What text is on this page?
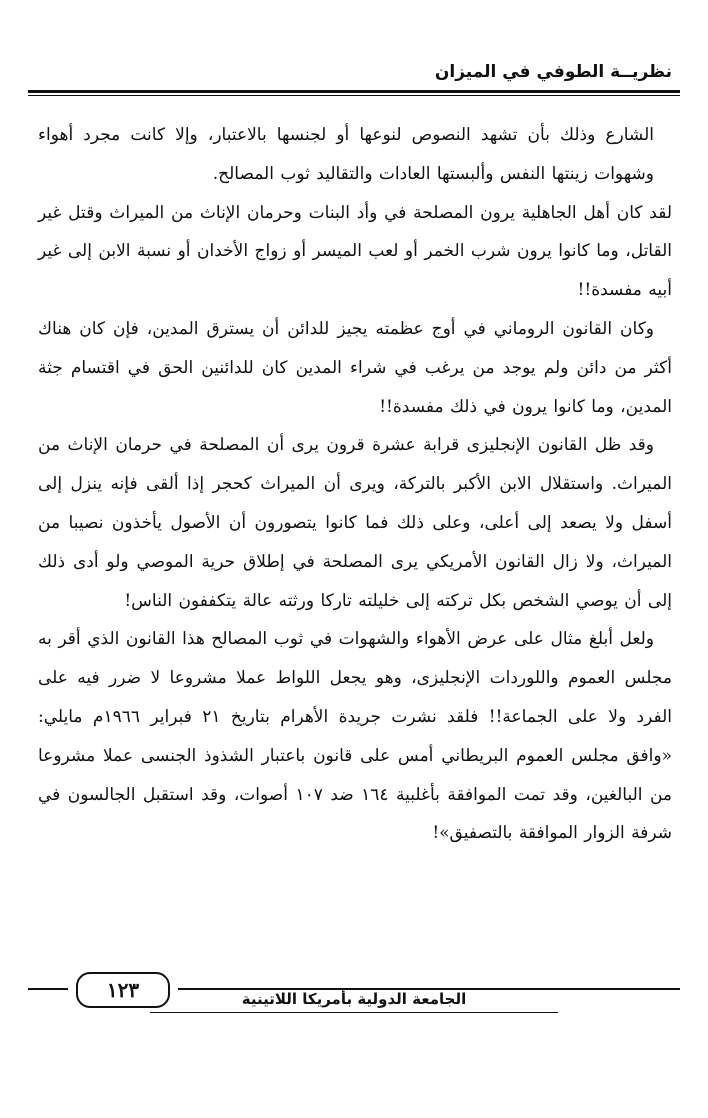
نظريــة الطوفي في الميزان

الشارع وذلك بأن تشهد النصوص لنوعها أو لجنسها بالاعتبار، وإلا كانت مجرد أهواء وشهوات زينتها النفس وألبستها العادات والتقاليد ثوب المصالح.

لقد كان أهل الجاهلية يرون المصلحة في وأد البنات وحرمان الإناث من الميراث وقتل غير القاتل، وما كانوا يرون شرب الخمر أو لعب الميسر أو زواج الأخدان أو نسبة الابن إلى غير أبيه مفسدة!!

وكان القانون الروماني في أوج عظمته يجيز للدائن أن يسترق المدين، فإن كان هناك أكثر من دائن ولم يوجد من يرغب في شراء المدين كان للدائنين الحق في اقتسام جثة المدين، وما كانوا يرون في ذلك مفسدة!!

وقد ظل القانون الإنجليزى قرابة عشرة قرون يرى أن المصلحة في حرمان الإناث من الميراث. واستقلال الابن الأكبر بالتركة، ويرى أن الميراث كحجر إذا ألقى فإنه ينزل إلى أسفل ولا يصعد إلى أعلى، وعلى ذلك فما كانوا يتصورون أن الأصول يأخذون نصيبا من الميراث، ولا زال القانون الأمريكي يرى المصلحة في إطلاق حرية الموصي ولو أدى ذلك إلى أن يوصي الشخص بكل تركته إلى خليلته تاركا ورثته عالة يتكففون الناس!

ولعل أبلغ مثال على عرض الأهواء والشهوات في ثوب المصالح هذا القانون الذي أقر به مجلس العموم واللوردات الإنجليزى، وهو يجعل اللواط عملا مشروعا لا ضرر فيه على الفرد ولا على الجماعة!! فلقد نشرت جريدة الأهرام بتاريخ ٢١ فبراير ١٩٦٦م مايلي: «وافق مجلس العموم البريطاني أمس على قانون باعتبار الشذوذ الجنسى عملا مشروعا من البالغين، وقد تمت الموافقة بأغلبية ١٦٤ ضد ١٠٧ أصوات، وقد استقبل الجالسون في شرفة الزوار الموافقة بالتصفيق»!

١٢٣	الجامعة الدولية بأمريكا اللاتينية
